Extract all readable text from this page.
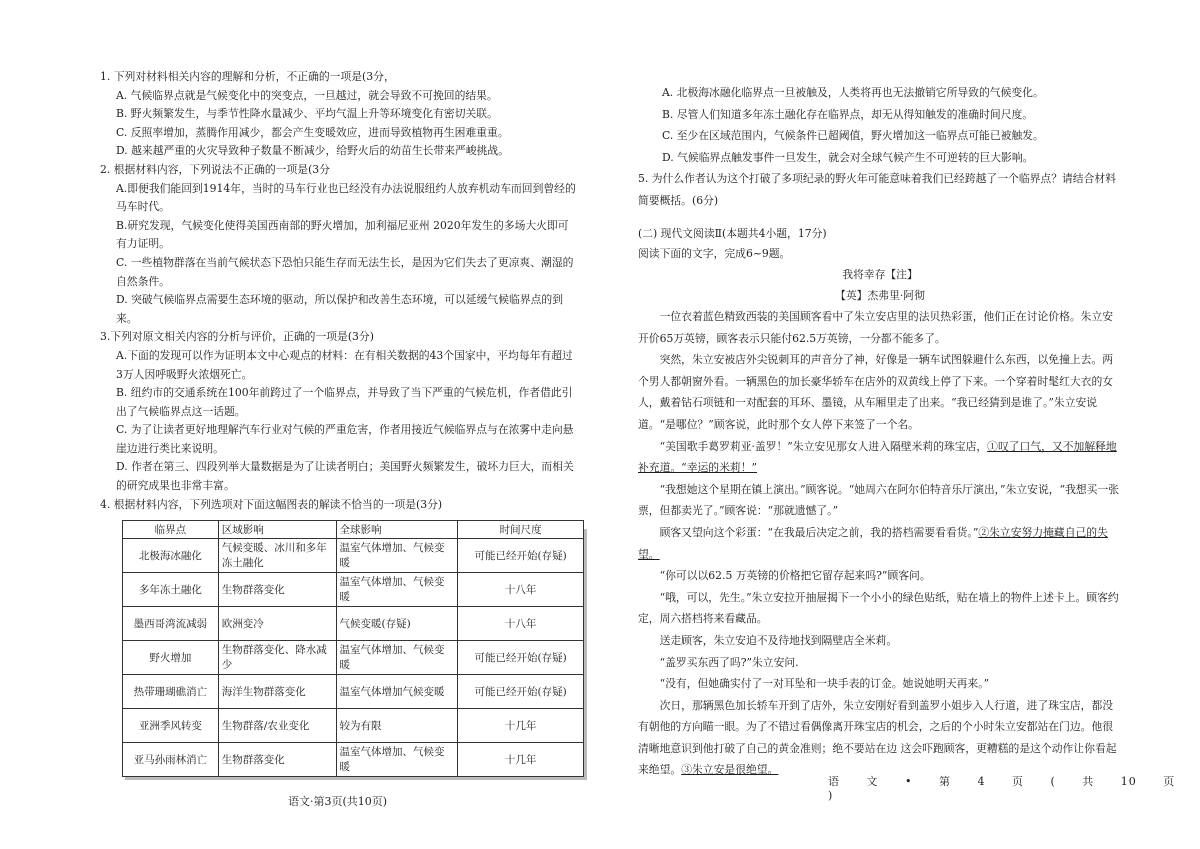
1. 下列对材料相关内容的理解和分析，不正确的一项是(3分，

A. 气候临界点就是气候变化中的突变点，一旦越过，就会导致不可挽回的结果。

B. 野火频繁发生，与季节性降水量减少、平均气温上升等环境变化有密切关联。

C. 反照率增加，蒸腾作用减少，都会产生变暖效应，进而导致植物再生困难重重。

D. 越来越严重的火灾导致种子数量不断减少，给野火后的幼苗生长带来严峻挑战。

2. 根据材料内容，下列说法不正确的一项是(3分

A.即便我们能回到1914年，当时的马车行业也已经没有办法说服纽约人放弃机动车而回到曾经的马车时代。

B.研究发现，气候变化使得美国西南部的野火增加，加利福尼亚州 2020年发生的多场大火即可有力证明。

C. 一些植物群落在当前气候状态下恐怕只能生存而无法生长，是因为它们失去了更凉爽、潮湿的自然条件。

D. 突破气候临界点需要生态环境的驱动，所以保护和改善生态环境，可以延缓气候临界点的到来。

3.下列对原文相关内容的分析与评价，正确的一项是(3分)

A.下面的发现可以作为证明本文中心观点的材料：在有相关数据的43个国家中，平均每年有超过3万人因呼吸野火浓烟死亡。

B. 纽约市的交通系统在100年前跨过了一个临界点，并导致了当下严重的气候危机，作者借此引出了气候临界点这一话题。

C. 为了让读者更好地理解汽车行业对气候的严重危害，作者用接近气候临界点与在浓雾中走向悬崖边进行类比来说明。

D. 作者在第三、四段列举大量数据是为了让读者明白；美国野火频繁发生，破坏力巨大，而相关的研究成果也非常丰富。

4. 根据材料内容，下列选项对下面这幅图表的解读不恰当的一项是(3分)

临界点	区域影响	全球影响	时间尺度
北极海冰融化	气候变暖、冰川和多年冻土融化	温室气体增加、气候变暖	可能已经开始(存疑)
多年冻土融化	生物群落变化	温室气体增加、气候变暖	十八年
墨西哥湾流减弱	欧洲变冷	气候变暖(存疑)	十八年
野火增加	生物群落变化、降水减少	温室气体增加、气候变暖	可能已经开始(存疑)
热带珊瑚礁消亡	海洋生物群落变化	温室气体增加气候变暖	可能已经开始(存疑)
亚洲季风转变	生物群落/农业变化	较为有限	十几年
亚马孙雨林消亡	生物群落变化	温室气体增加、气候变暖	十几年
语文·第3页(共10页)

A. 北极海冰融化临界点一旦被触及，人类将再也无法撤销它所导致的气候变化。

B. 尽管人们知道多年冻土融化存在临界点，却无从得知触发的准确时间尺度。

C. 至少在区域范围内，气候条件已超阈值，野火增加这一临界点可能已被触发。

D. 气候临界点触发事件一旦发生，就会对全球气候产生不可逆转的巨大影响。

5. 为什么作者认为这个打破了多项纪录的野火年可能意味着我们已经跨越了一个临界点？请结合材料简要概括。(6分)

(二) 现代文阅读Ⅱ(本题共4小题，17分)

阅读下面的文字，完成6~9题。

我将幸存【注】

【英】杰弗里·阿彻

一位衣着蓝色精致西装的美国顾客看中了朱立安店里的法贝热彩蛋，他们正在讨论价格。朱立安开价65万英镑，顾客表示只能付62.5万英镑，一分都不能多了。

突然，朱立安被店外尖锐刺耳的声音分了神，好像是一辆车试图躲避什么东西，以免撞上去。两个男人都朝窗外看。一辆黑色的加长豪华轿车在店外的双黄线上停了下来。一个穿着时髦红大衣的女人，戴着钻石项链和一对配套的耳环、墨镜，从车厢里走了出来。“我已经猜到是谁了。”朱立安说道。“是哪位？”顾客说，此时那个女人停下来签了一个名。

“美国歌手葛罗莉亚·盖罗！”朱立安见那女人进入隔壁米莉的珠宝店，①叹了口气，又不加解释地补充道。“幸运的米莉！”

“我想她这个星期在镇上演出。”顾客说。“她周六在阿尔伯特音乐厅演出，”朱立安说，“我想买一张票，但都卖光了。”顾客说：“那就遗憾了。”

顾客又望向这个彩蛋：“在我最后决定之前，我的搭档需要看看货。”②朱立安努力掩藏自己的失望。

“你可以以62.5 万英镑的价格把它留存起来吗?”顾客问。

“哦，可以，先生。”朱立安拉开抽屉揭下一个小小的绿色贴纸，贴在墙上的物件上述卡上。顾客约定，周六搭档将来看藏品。

送走顾客，朱立安迫不及待地找到隔壁店全米莉。

“盖罗买东西了吗?”朱立安问.

“没有，但她确实付了一对耳坠和一块手表的订金。她说她明天再来。”

次日，那辆黑色加长轿车开到了店外，朱立安刚好看到盖罗小姐步入人行道，进了珠宝店，都没有朝他的方向瞄一眼。为了不错过看偶像离开珠宝店的机会，之后的个小时朱立安都站在门边。他很清晰地意识到他打破了自己的黄金准则；绝不要站在边 这会吓跑顾客，更糟糕的是这个动作让你看起来绝望。③朱立安是很绝望。

语 文 • 第 4 页 ( 共 10 页 )
